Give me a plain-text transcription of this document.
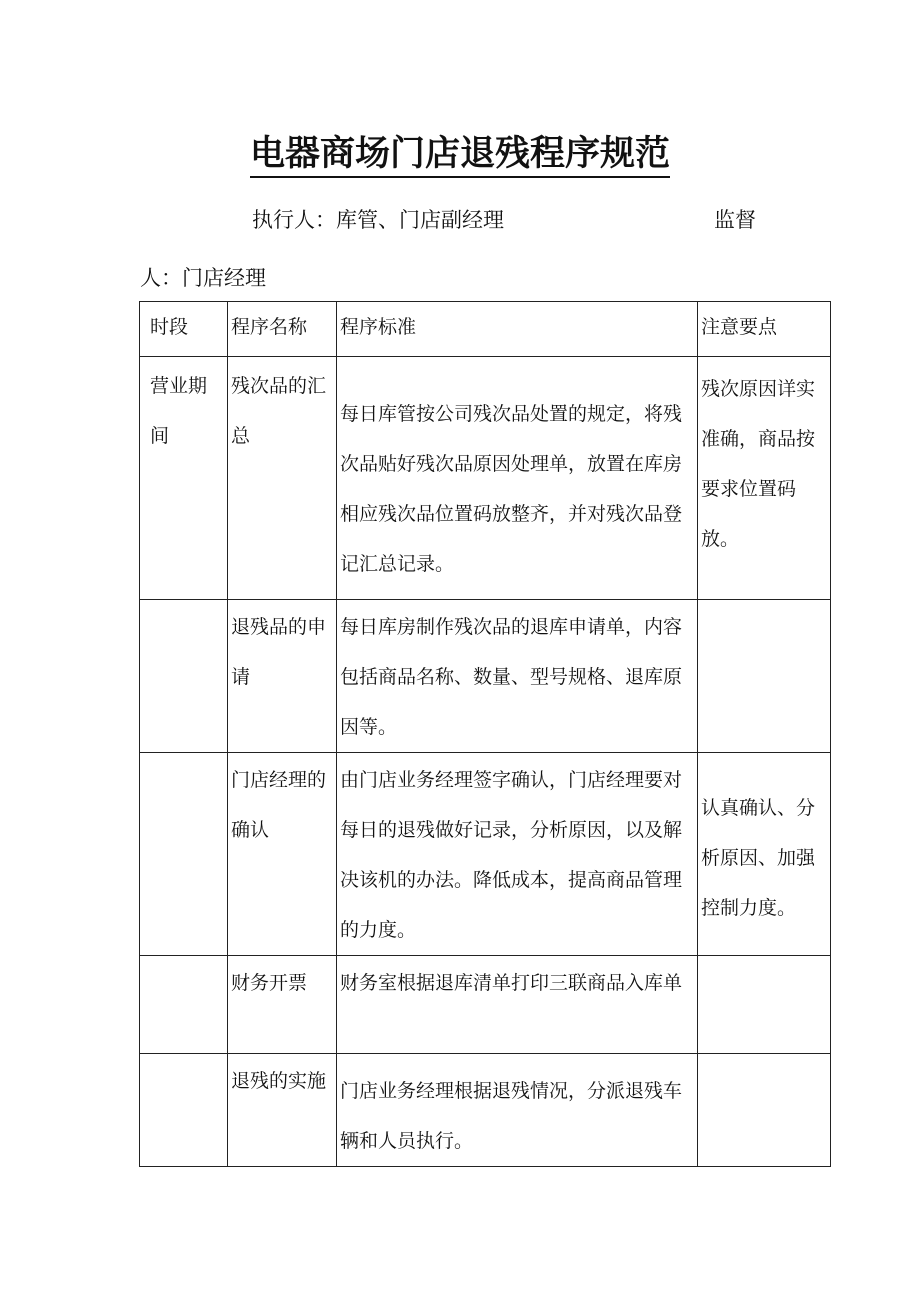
电器商场门店退残程序规范
执行人：库管、门店副经理	监督
人：门店经理
时段	程序名称	程序标准	注意要点
营业期间	残次品的汇总	每日库管按公司残次品处置的规定，将残次品贴好残次品原因处理单，放置在库房相应残次品位置码放整齐，并对残次品登记汇总记录。	残次原因详实准确，商品按要求位置码放。
	退残品的申请	每日库房制作残次品的退库申请单，内容包括商品名称、数量、型号规格、退库原因等。	
	门店经理的确认	由门店业务经理签字确认，门店经理要对每日的退残做好记录，分析原因，以及解决该机的办法。降低成本，提高商品管理的力度。	认真确认、分析原因、加强控制力度。
	财务开票	财务室根据退库清单打印三联商品入库单	
	退残的实施	门店业务经理根据退残情况，分派退残车辆和人员执行。	
